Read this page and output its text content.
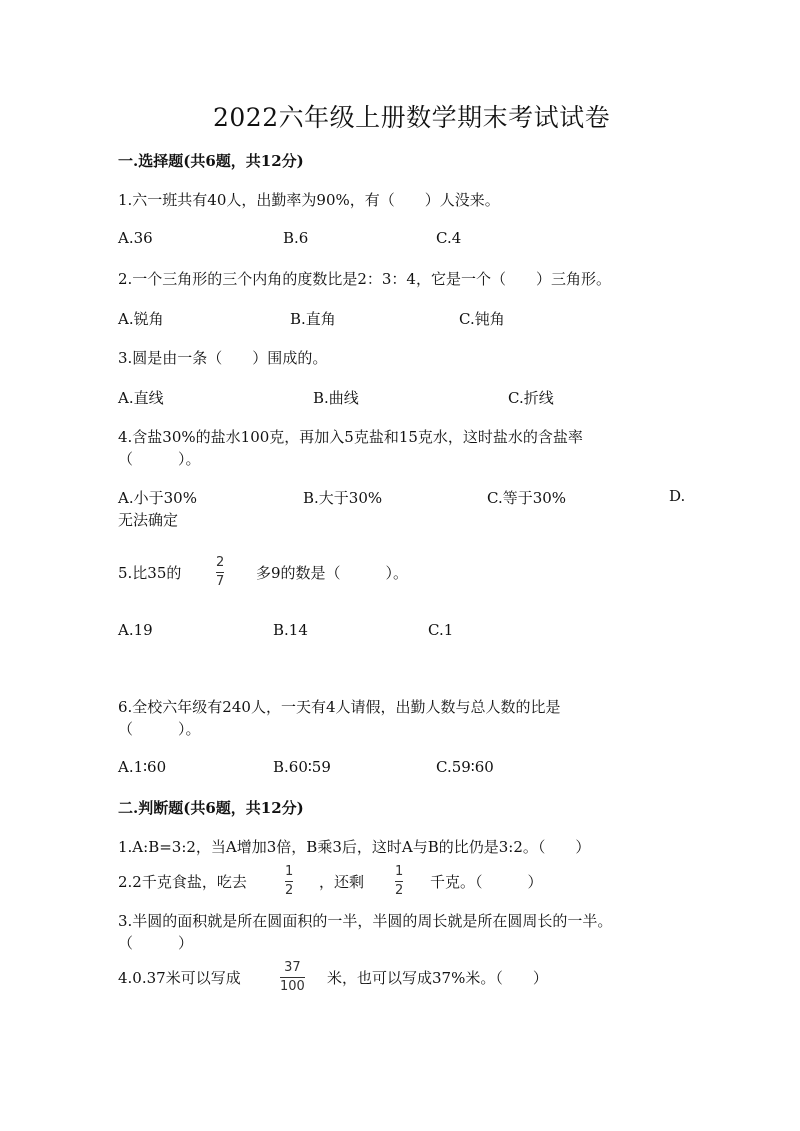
2022六年级上册数学期末考试试卷
一.选择题(共6题，共12分)
1.六一班共有40人，出勤率为90%，有（　　）人没来。
A.36	B.6	C.4
2.一个三角形的三个内角的度数比是2：3：4，它是一个（　　）三角形。
A.锐角	B.直角	C.钝角
3.圆是由一条（　　）围成的。
A.直线	B.曲线	C.折线
4.含盐30%的盐水100克，再加入5克盐和15克水，这时盐水的含盐率
（　　　）。
A.小于30%	B.大于30%	C.等于30%	D.
无法确定
5.比35的
2
7 多9的数是（　　　）。
A.19	B.14	C.1
6.全校六年级有240人，一天有4人请假，出勤人数与总人数的比是
（　　　）。
A.1∶60	B.60∶59	C.59∶60
二.判断题(共6题，共12分)
1.A:B=3:2，当A增加3倍，B乘3后，这时A与B的比仍是3:2。（　　）
2.2千克食盐，吃去
1
2 ，还剩
1
2 千克。（　　　）
3.半圆的面积就是所在圆面积的一半，半圆的周长就是所在圆周长的一半。
（　　　）
4.0.37米可以写成
37
100 米，也可以写成37%米。（　　）
